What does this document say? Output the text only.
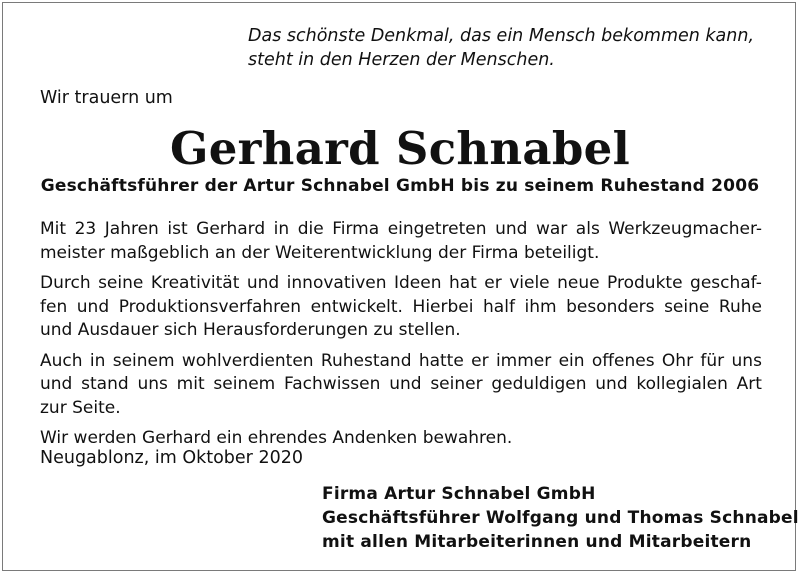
Das schönste Denkmal, das ein Mensch bekommen kann,
steht in den Herzen der Menschen.
Wir trauern um
Gerhard Schnabel
Geschäftsführer der Artur Schnabel GmbH bis zu seinem Ruhestand 2006
Mit 23 Jahren ist Gerhard in die Firma eingetreten und war als Werkzeugmacher-
meister maßgeblich an der Weiterentwicklung der Firma beteiligt.
Durch seine Kreativität und innovativen Ideen hat er viele neue Produkte geschaf-
fen und Produktionsverfahren entwickelt. Hierbei half ihm besonders seine Ruhe
und Ausdauer sich Herausforderungen zu stellen.
Auch in seinem wohlverdienten Ruhestand hatte er immer ein offenes Ohr für uns
und stand uns mit seinem Fachwissen und seiner geduldigen und kollegialen Art
zur Seite.
Wir werden Gerhard ein ehrendes Andenken bewahren.
Neugablonz, im Oktober 2020
Firma Artur Schnabel GmbH
Geschäftsführer Wolfgang und Thomas Schnabel
mit allen Mitarbeiterinnen und Mitarbeitern
